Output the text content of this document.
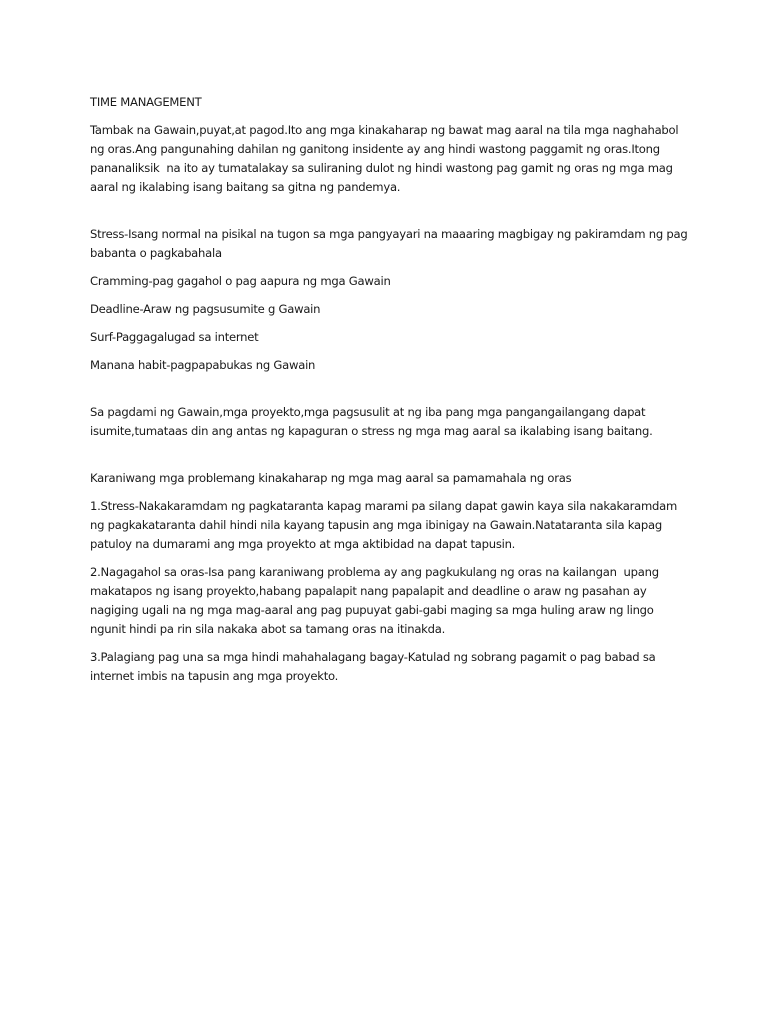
TIME MANAGEMENT

Tambak na Gawain,puyat,at pagod.Ito ang mga kinakaharap ng bawat mag aaral na tila mga naghahabol

ng oras.Ang pangunahing dahilan ng ganitong insidente ay ang hindi wastong paggamit ng oras.Itong

pananaliksik  na ito ay tumatalakay sa suliraning dulot ng hindi wastong pag gamit ng oras ng mga mag

aaral ng ikalabing isang baitang sa gitna ng pandemya.

Stress-Isang normal na pisikal na tugon sa mga pangyayari na maaaring magbigay ng pakiramdam ng pag

babanta o pagkabahala

Cramming-pag gagahol o pag aapura ng mga Gawain

Deadline-Araw ng pagsusumite g Gawain

Surf-Paggagalugad sa internet

Manana habit-pagpapabukas ng Gawain

Sa pagdami ng Gawain,mga proyekto,mga pagsusulit at ng iba pang mga pangangailangang dapat

isumite,tumataas din ang antas ng kapaguran o stress ng mga mag aaral sa ikalabing isang baitang.

Karaniwang mga problemang kinakaharap ng mga mag aaral sa pamamahala ng oras

1.Stress-Nakakaramdam ng pagkataranta kapag marami pa silang dapat gawin kaya sila nakakaramdam

ng pagkakataranta dahil hindi nila kayang tapusin ang mga ibinigay na Gawain.Natataranta sila kapag

patuloy na dumarami ang mga proyekto at mga aktibidad na dapat tapusin.

2.Nagagahol sa oras-Isa pang karaniwang problema ay ang pagkukulang ng oras na kailangan  upang

makatapos ng isang proyekto,habang papalapit nang papalapit and deadline o araw ng pasahan ay

nagiging ugali na ng mga mag-aaral ang pag pupuyat gabi-gabi maging sa mga huling araw ng lingo

ngunit hindi pa rin sila nakaka abot sa tamang oras na itinakda.

3.Palagiang pag una sa mga hindi mahahalagang bagay-Katulad ng sobrang pagamit o pag babad sa

internet imbis na tapusin ang mga proyekto.
